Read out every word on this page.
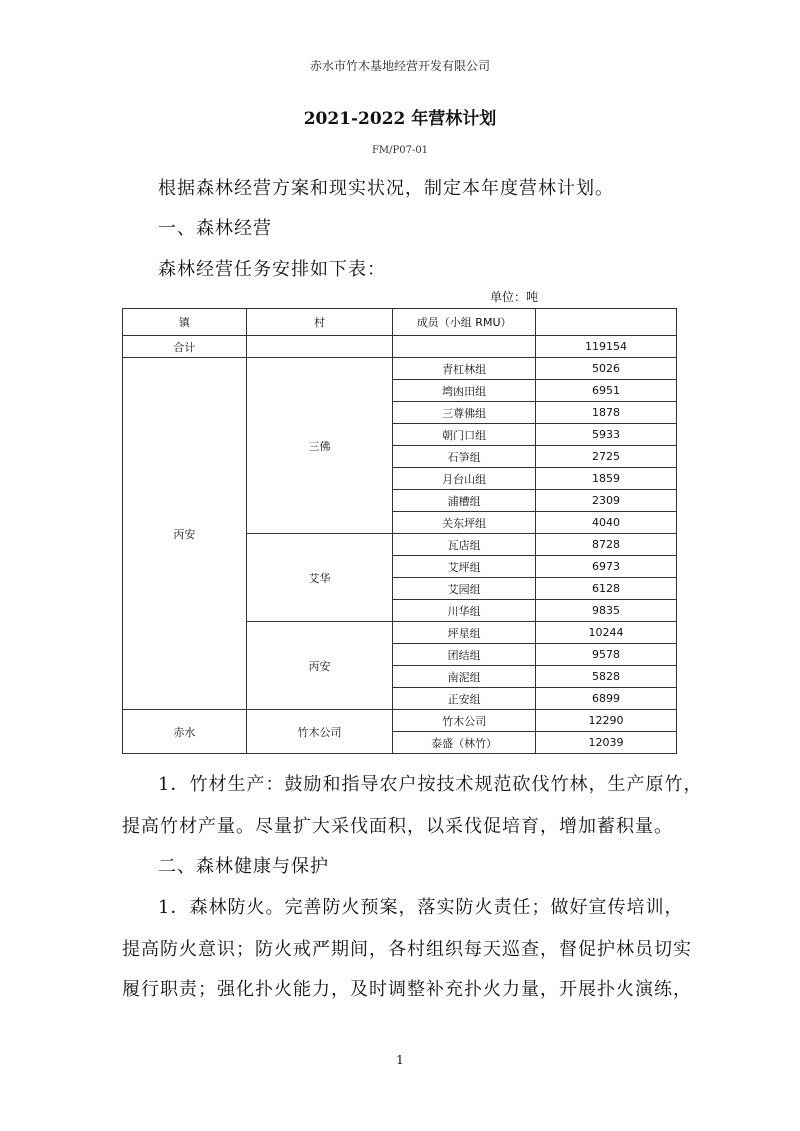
赤水市竹木基地经营开发有限公司
2021-2022 年营林计划
FM/P07-01
根据森林经营方案和现实状况，制定本年度营林计划。
一、森林经营
森林经营任务安排如下表：
单位：吨
镇	村	成员（小组 RMU）	
合计			119154
丙安	三佛	青杠林组	5026
		塆凼田组	6951
		三尊佛组	1878
		朝门口组	5933
		石笋组	2725
		月台山组	1859
		浦槽组	2309
		关东坪组	4040
	艾华	瓦店组	8728
		艾坪组	6973
		艾园组	6128
		川华组	9835
	丙安	坪星组	10244
		团结组	9578
		南泥组	5828
		正安组	6899
赤水	竹木公司	竹木公司	12290
		泰盛（林竹）	12039
1．竹材生产：鼓励和指导农户按技术规范砍伐竹林，生产原竹，
提高竹材产量。尽量扩大采伐面积，以采伐促培育，增加蓄积量。
二、森林健康与保护
1．森林防火。完善防火预案，落实防火责任；做好宣传培训，
提高防火意识；防火戒严期间，各村组织每天巡查，督促护林员切实
履行职责；强化扑火能力，及时调整补充扑火力量，开展扑火演练，
1
